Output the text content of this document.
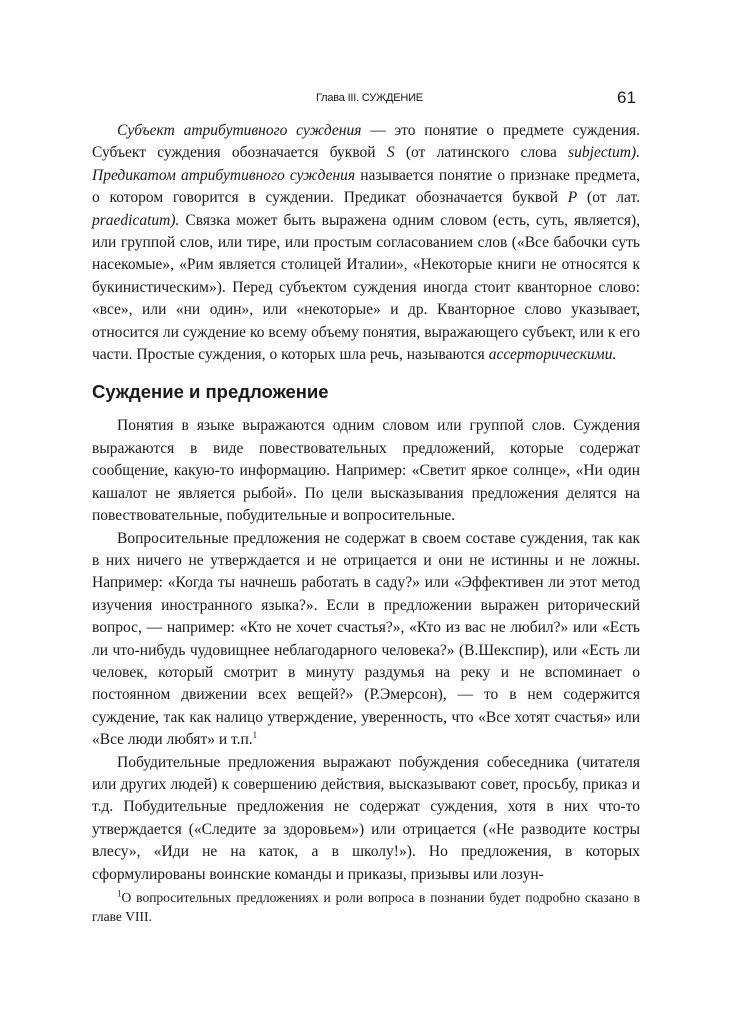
Глава III. СУЖДЕНИЕ	61

Субъект атрибутивного суждения — это понятие о предмете суждения. Субъект суждения обозначается буквой S (от латинского слова subjectum). Предикатом атрибутивного суждения называется понятие о признаке предмета, о котором говорится в суждении. Предикат обозначается буквой P (от лат. praedicatum). Связка может быть выражена одним словом (есть, суть, является), или группой слов, или тире, или простым согласованием слов («Все бабочки суть насекомые», «Рим является столицей Италии», «Некоторые книги не относятся к букинистическим»). Перед субъектом суждения иногда стоит кванторное слово: «все», или «ни один», или «некоторые» и др. Кванторное слово указывает, относится ли суждение ко всему объему понятия, выражающего субъект, или к его части. Простые суждения, о которых шла речь, называются ассерторическими.

Суждение и предложение

Понятия в языке выражаются одним словом или группой слов. Суждения выражаются в виде повествовательных предложений, которые содержат сообщение, какую-то информацию. Например: «Светит яркое солнце», «Ни один кашалот не является рыбой». По цели высказывания предложения делятся на повествовательные, побудительные и вопросительные.

Вопросительные предложения не содержат в своем составе суждения, так как в них ничего не утверждается и не отрицается и они не истинны и не ложны. Например: «Когда ты начнешь работать в саду?» или «Эффективен ли этот метод изучения иностранного языка?». Если в предложении выражен риторический вопрос, — например: «Кто не хочет счастья?», «Кто из вас не любил?» или «Есть ли что-нибудь чудовищнее неблагодарного человека?» (В.Шекспир), или «Есть ли человек, который смотрит в минуту раздумья на реку и не вспоминает о постоянном движении всех вещей?» (Р.Эмерсон), — то в нем содержится суждение, так как налицо утверждение, уверенность, что «Все хотят счастья» или «Все люди любят» и т.п.$^1$

Побудительные предложения выражают побуждения собеседника (читателя или других людей) к совершению действия, высказывают совет, просьбу, приказ и т.д. Побудительные предложения не содержат суждения, хотя в них что-то утверждается («Следите за здоровьем») или отрицается («Не разводите костры влесу», «Иди не на каток, а в школу!»). Но предложения, в которых сформулированы воинские команды и приказы, призывы или лозун-

$^1$О вопросительных предложениях и роли вопроса в познании будет подробно сказано в главе VIII.
